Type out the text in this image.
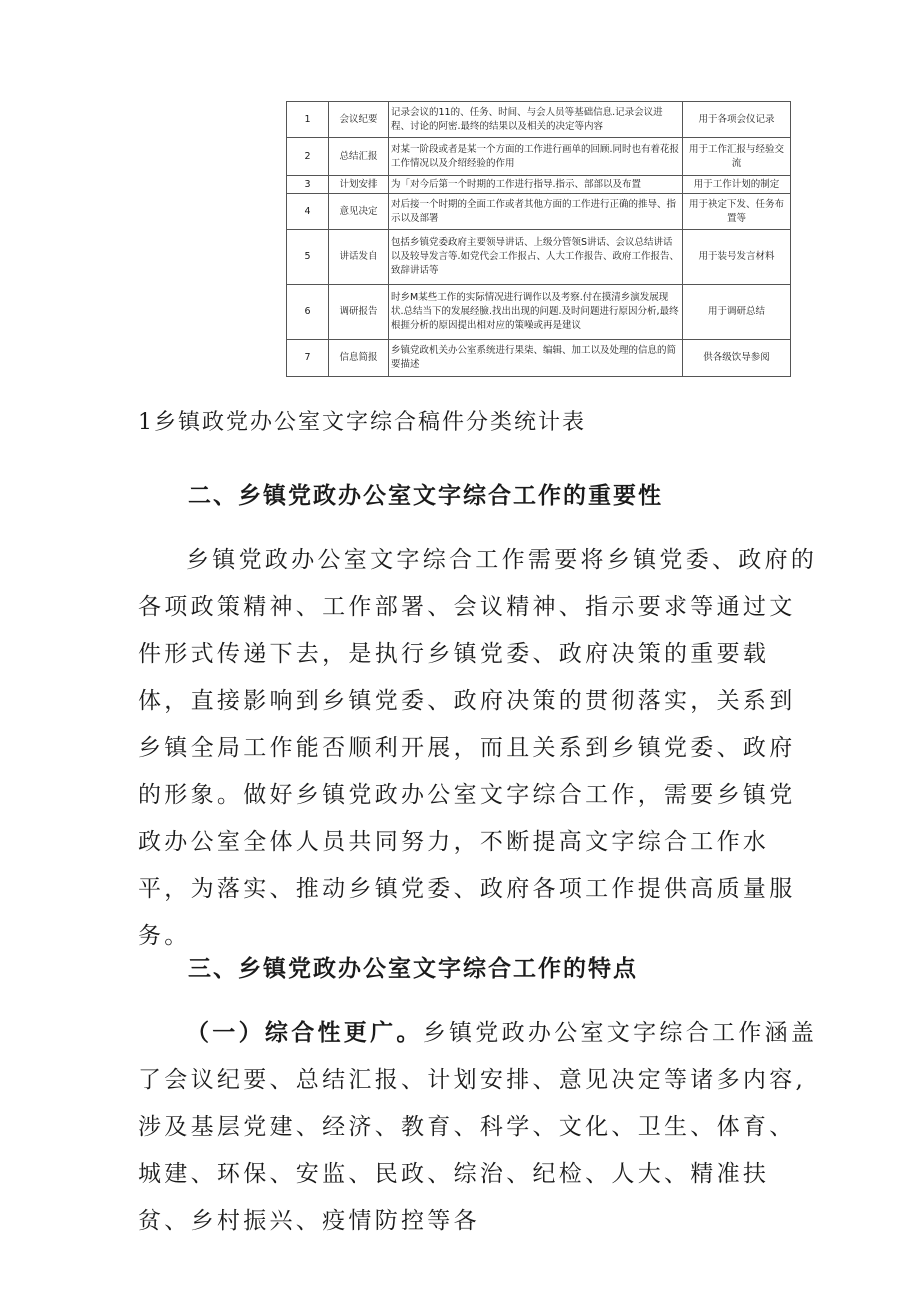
1	会议纪要	记录会议的11的、任务、时间、与会人员等基础信息.记录会议进程、讨论的阿密.最终的结果以及相关的决定等内容	用于各项会仪记录
2	总结汇报	对某一阶段或者是某一个方面的工作进行画单的回顾.同时也有着花报工作情况以及介绍经验的作用	用于工作汇报与经验交流
3	计划安排	为「对今后第一个时期的工作进行指导.指示、部部以及布置	用于工作计划的制定
4	意见决定	对后接一个时期的全面工作或者其他方面的工作进行正确的推导、指示以及部署	用于袂定下发、任务布置等
5	讲话发自	包括乡镇党委政府主要领导讲话、上级分管领S讲话、会议总结讲话以及较导发言等.如党代会工作报占、人大工作报告、政府工作报告、致辞讲话等	用于装号发言材料
6	调研报告	时乡M某些工作的实际情况进行调作以及考察.付在摸清乡演发展现状.总结当下的发展经臉.找出出现的问题.及时问题进行原因分析,最终根捱分析的原因提出相对应的策噪或再是建议	用于调研总结
7	信息简报	乡镇党政机关办公室系统进行果柒、编辑、加工以及处理的信息的简要描述	供各级饮导参阅

1乡镇政党办公室文字综合稿件分类统计表

二、乡镇党政办公室文字综合工作的重要性

乡镇党政办公室文字综合工作需要将乡镇党委、政府的各项政策精神、工作部署、会议精神、指示要求等通过文件形式传递下去，是执行乡镇党委、政府决策的重要载体，直接影响到乡镇党委、政府决策的贯彻落实，关系到乡镇全局工作能否顺利开展，而且关系到乡镇党委、政府的形象。做好乡镇党政办公室文字综合工作，需要乡镇党政办公室全体人员共同努力，不断提高文字综合工作水平，为落实、推动乡镇党委、政府各项工作提供高质量服务。

三、乡镇党政办公室文字综合工作的特点

（一）综合性更广。乡镇党政办公室文字综合工作涵盖了会议纪要、总结汇报、计划安排、意见决定等诸多内容,涉及基层党建、经济、教育、科学、文化、卫生、体育、城建、环保、安监、民政、综治、纪检、人大、精准扶贫、乡村振兴、疫情防控等各
